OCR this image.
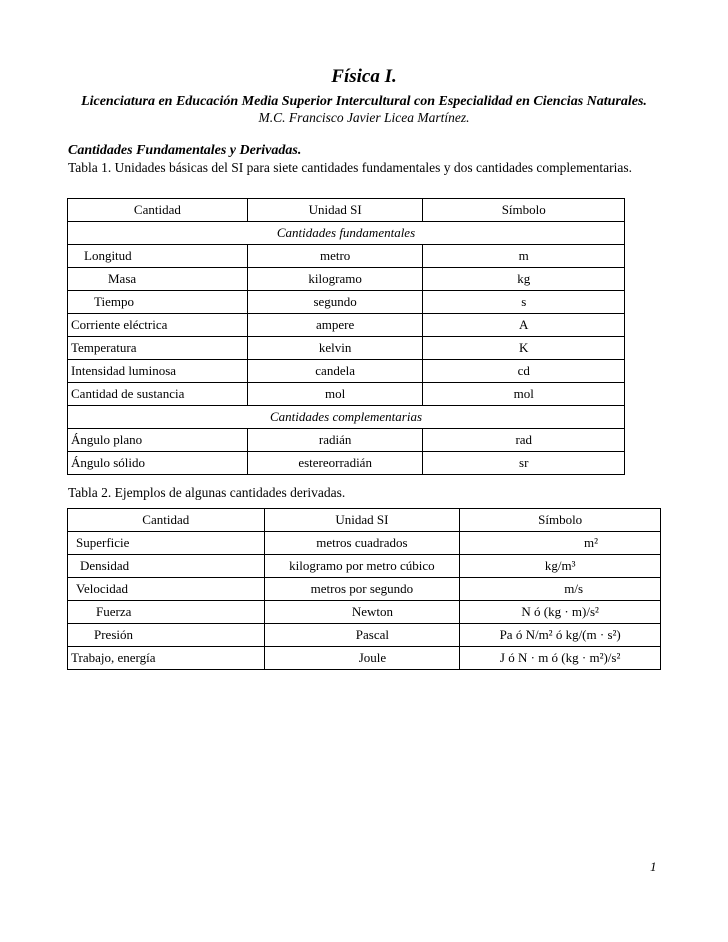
Física I.
Licenciatura en Educación Media Superior Intercultural con Especialidad en Ciencias Naturales.
M.C. Francisco Javier Licea Martínez.
Cantidades Fundamentales y Derivadas.
Tabla 1. Unidades básicas del SI para siete cantidades fundamentales y dos cantidades complementarias.
Cantidad	Unidad SI	Símbolo
Cantidades fundamentales		
Longitud	metro	m
Masa	kilogramo	kg
Tiempo	segundo	s
Corriente eléctrica	ampere	A
Temperatura	kelvin	K
Intensidad luminosa	candela	cd
Cantidad de sustancia	mol	mol
Cantidades complementarias		
Ángulo plano	radián	rad
Ángulo sólido	estereorradián	sr
Tabla 2. Ejemplos de algunas cantidades derivadas.
Cantidad	Unidad SI	Símbolo
Superficie	metros cuadrados	m²
Densidad	kilogramo por metro cúbico	kg/m³
Velocidad	metros por segundo	m/s
Fuerza	Newton	N ó (kg · m)/s²
Presión	Pascal	Pa ó N/m² ó kg/(m · s²)
Trabajo, energía	Joule	J ó N · m ó (kg · m²)/s²
1
